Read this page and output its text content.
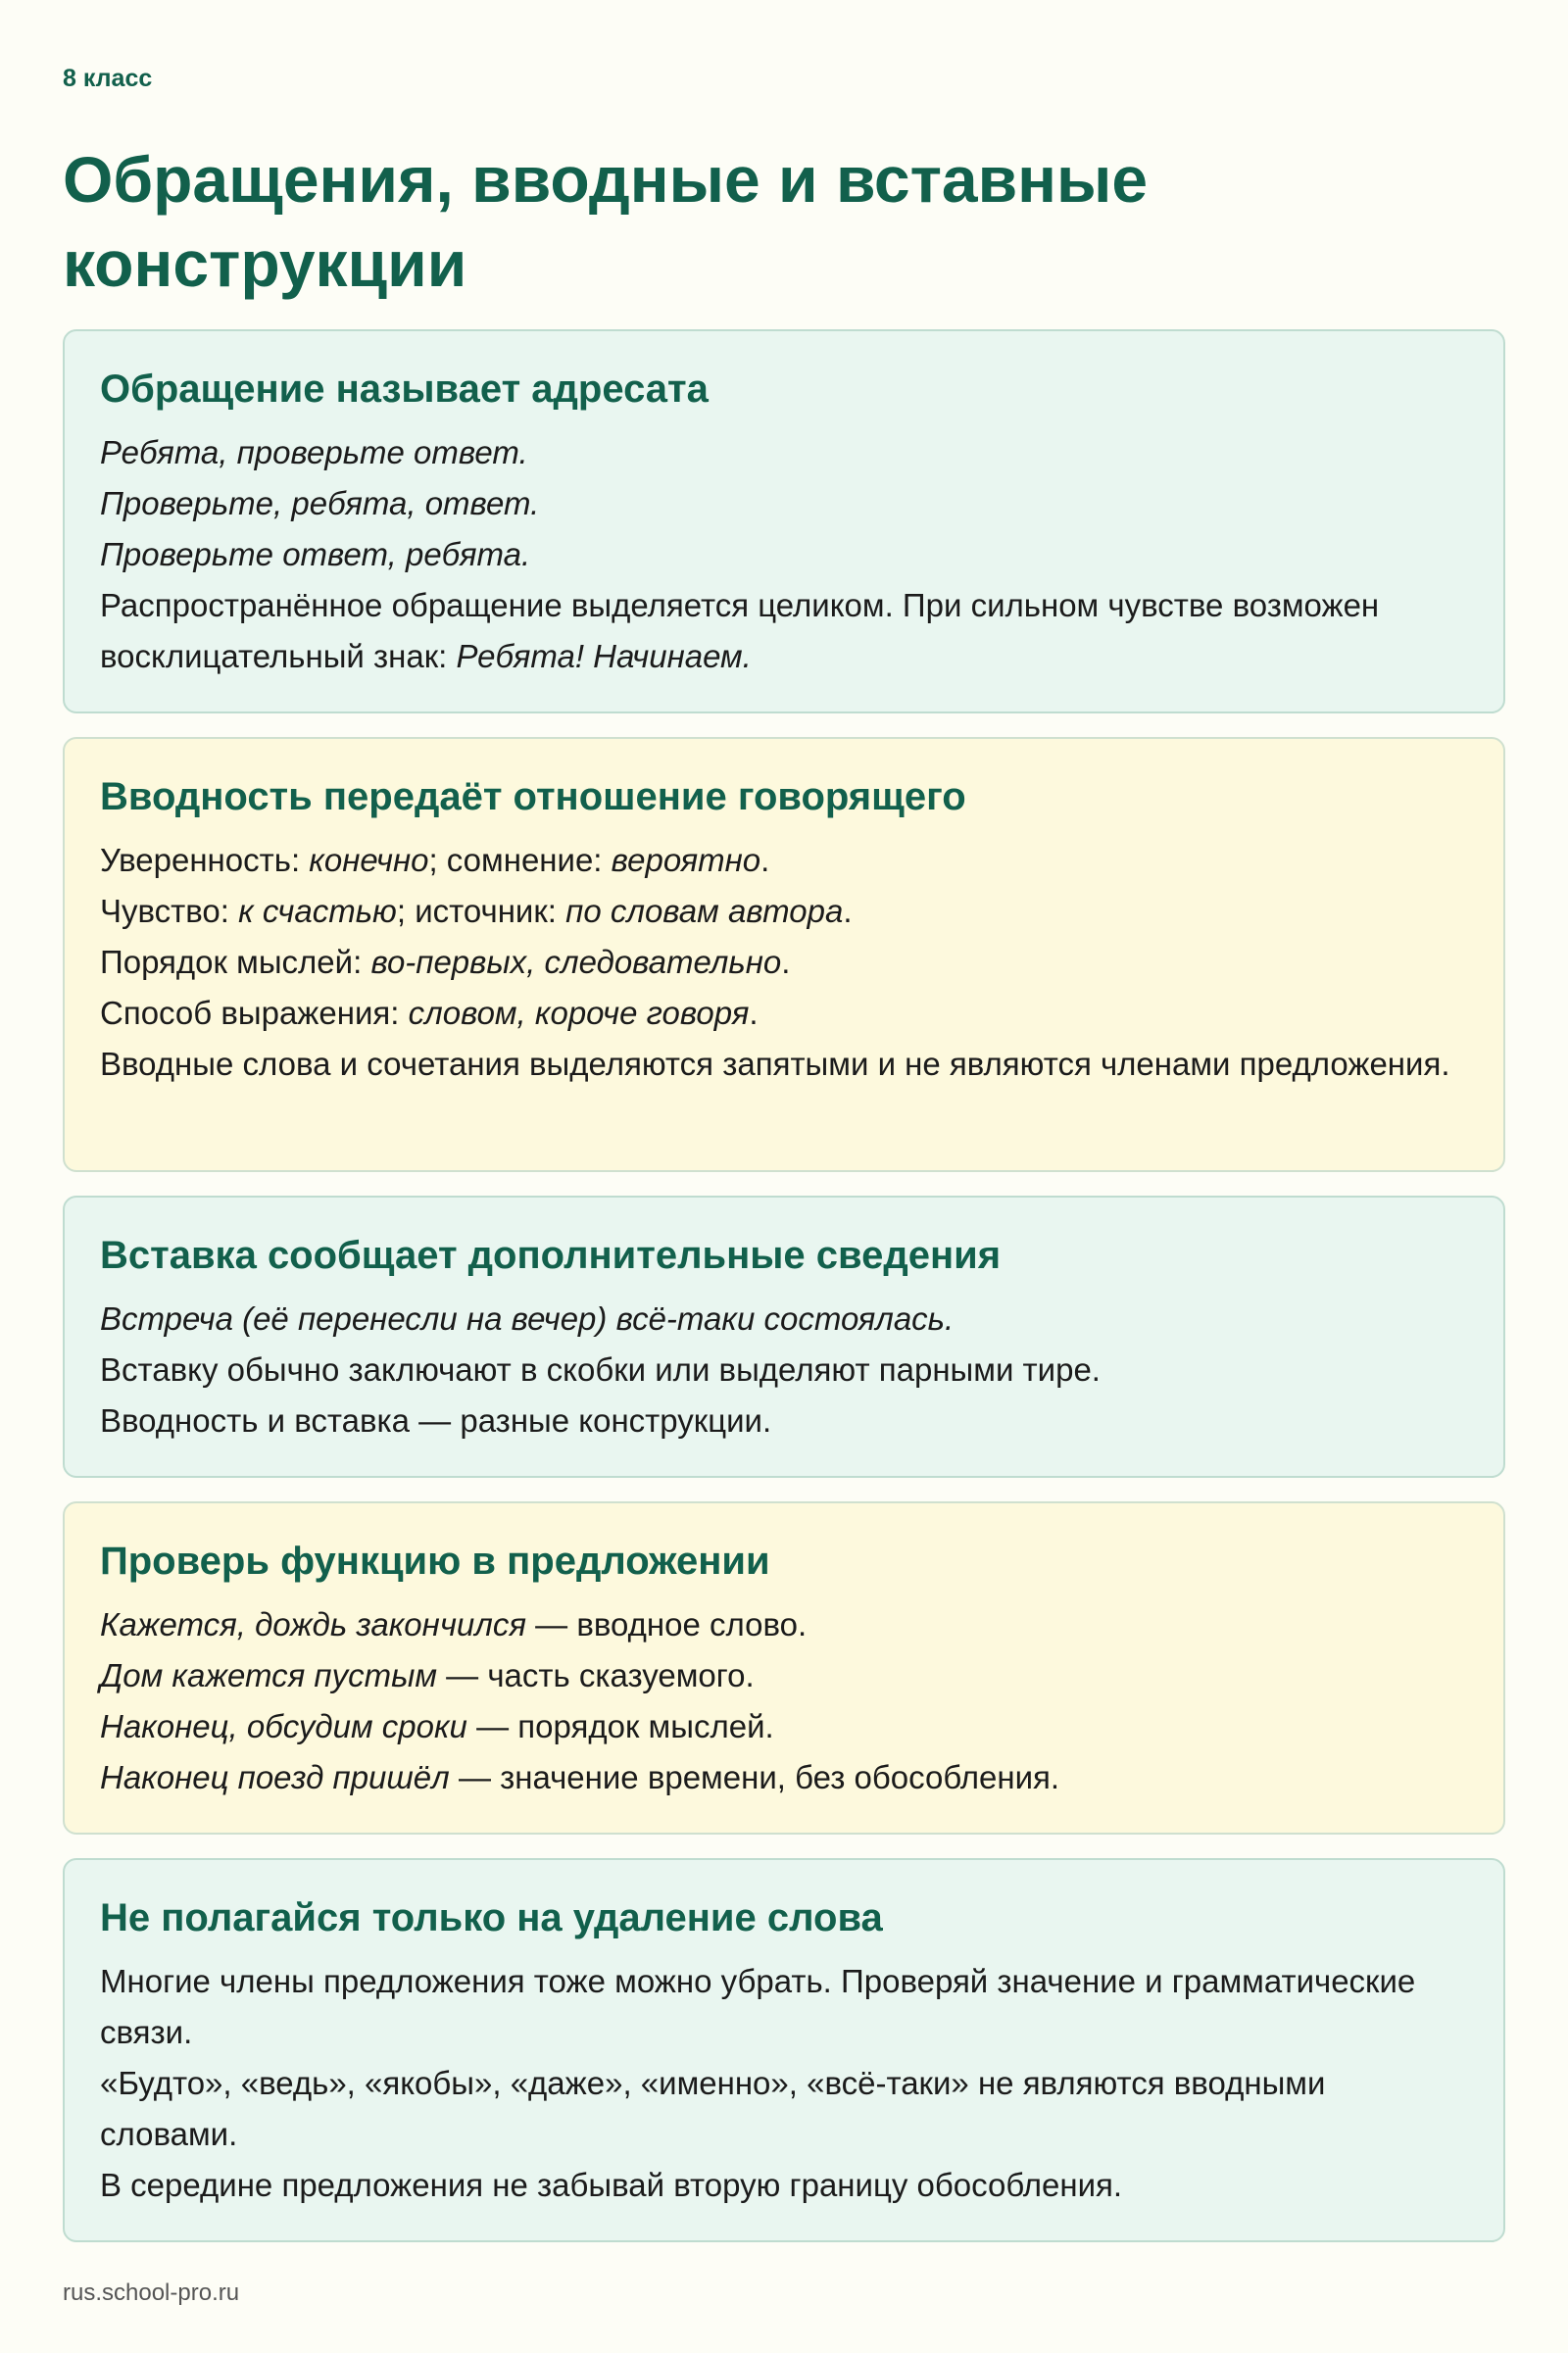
8 класс
Обращения, вводные и вставные конструкции
Обращение называет адресата

Ребята, проверьте ответ.

Проверьте, ребята, ответ.

Проверьте ответ, ребята.

Распространённое обращение выделяется целиком. При сильном чувстве возможен восклицательный знак: Ребята! Начинаем.

Вводность передаёт отношение говорящего

Уверенность: конечно; сомнение: вероятно.

Чувство: к счастью; источник: по словам автора.

Порядок мыслей: во-первых, следовательно.

Способ выражения: словом, короче говоря.

Вводные слова и сочетания выделяются запятыми и не являются членами предложения.

Вставка сообщает дополнительные сведения

Встреча (её перенесли на вечер) всё-таки состоялась.

Вставку обычно заключают в скобки или выделяют парными тире.

Вводность и вставка — разные конструкции.

Проверь функцию в предложении

Кажется, дождь закончился — вводное слово.

Дом кажется пустым — часть сказуемого.

Наконец, обсудим сроки — порядок мыслей.

Наконец поезд пришёл — значение времени, без обособления.

Не полагайся только на удаление слова

Многие члены предложения тоже можно убрать. Проверяй значение и грамматические связи.

«Будто», «ведь», «якобы», «даже», «именно», «всё-таки» не являются вводными словами.

В середине предложения не забывай вторую границу обособления.

rus.school-pro.ru
